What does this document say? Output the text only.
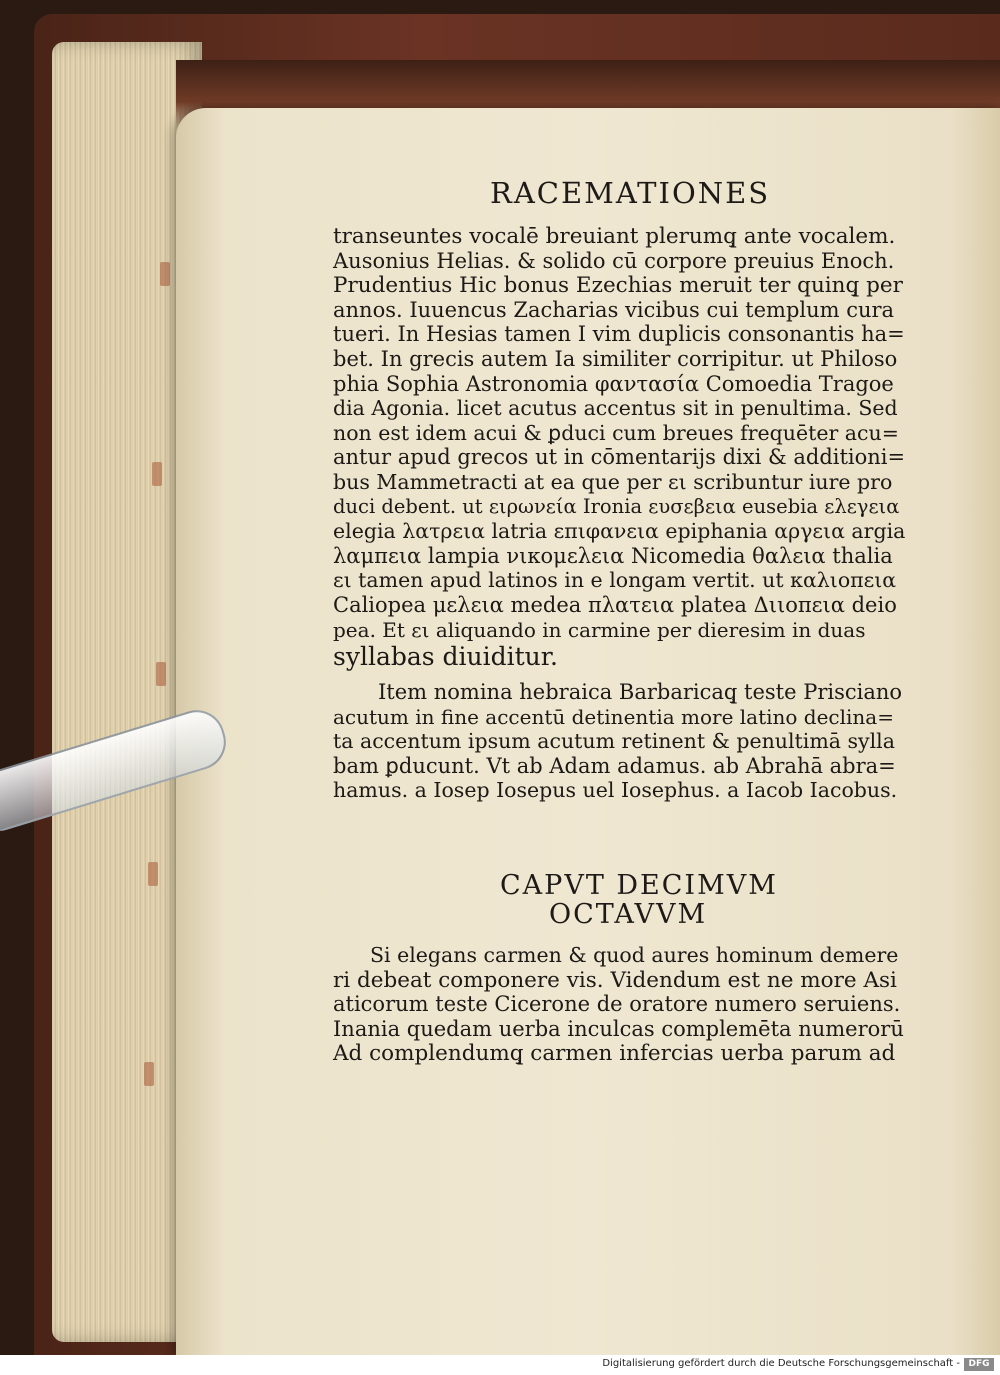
RACEMATIONES

transeuntes vocalē breuiant plerumq̧ ante vocalem.

Ausonius Helias. & solido cū corpore preuius Enoch.

Prudentius Hic bonus Ezechias meruit ter quinq̧ per

annos. Iuuencus Zacharias vicibus cui templum cura

tueri. In Hesias tamen I vim duplicis consonantis ha=

bet. In grecis autem Ia similiter corripitur. ut Philoso

phia Sophia Astronomia φαντασία Comoedia Tragoe

dia Agonia. licet acutus accentus sit in penultima. Sed

non est idem acui & ꝑduci cum breues frequēter acu=

antur apud grecos ut in cōmentarijs dixi & additioni=

bus Mammetracti at ea que per ει scribuntur iure pro

duci debent. ut ειρωνεία Ironia ευσεβεια eusebia ελεγεια

elegia λατρεια latria επιφανεια epiphania αργεια argia

λαμπεια lampia νικομελεια Nicomedia θαλεια thalia

ει tamen apud latinos in e longam vertit. ut καλιοπεια

Caliopea μελεια medea πλατεια platea Διιοπεια deio

pea. Et ει aliquando in carmine per dieresim in duas

syllabas diuiditur.

Item nomina hebraica Barbaricaq̧ teste Prisciano

acutum in fine accentū detinentia more latino declina=

ta accentum ipsum acutum retinent & penultimā sylla

bam ꝑducunt. Vt ab Adam adamus. ab Abrahā abra=

hamus. a Iosep Iosepus uel Iosephus. a Iacob Iacobus.

CAPVT DECIMVM

OCTAVVM

Si elegans carmen & quod aures hominum demere

ri debeat componere vis. Videndum est ne more Asi

aticorum teste Cicerone de oratore numero seruiens.

Inania quedam uerba inculcas complemēta numerorū

Ad complendumq̧ carmen infercias uerba parum ad

Digitalisierung gefördert durch die Deutsche Forschungsgemeinschaft - DFG
